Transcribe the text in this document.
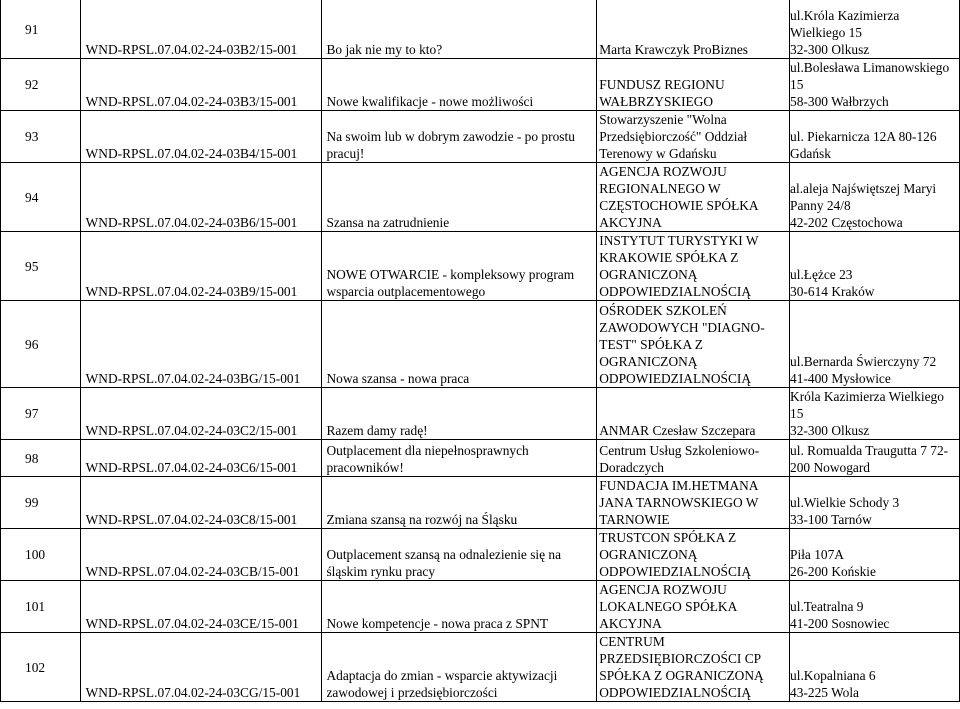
91	WND-RPSL.07.04.02-24-03B2/15-001	Bo jak nie my to kto?	Marta Krawczyk ProBiznes	ul.Króla Kazimierza
Wielkiego 15
32-300 Olkusz

92	WND-RPSL.07.04.02-24-03B3/15-001	Nowe kwalifikacje - nowe możliwości	FUNDUSZ REGIONU
WAŁBRZYSKIEGO	ul.Bolesława Limanowskiego
15
58-300 Wałbrzych

93	WND-RPSL.07.04.02-24-03B4/15-001	Na swoim lub w dobrym zawodzie - po prostu
pracuj!	Stowarzyszenie "Wolna
Przedsiębiorczość" Oddział
Terenowy w Gdańsku	ul. Piekarnicza 12A 80-126
Gdańsk

94	WND-RPSL.07.04.02-24-03B6/15-001	Szansa na zatrudnienie	AGENCJA ROZWOJU
REGIONALNEGO W
CZĘSTOCHOWIE SPÓŁKA
AKCYJNA	al.aleja Najświętszej Maryi
Panny 24/8
42-202 Częstochowa

95	WND-RPSL.07.04.02-24-03B9/15-001	NOWE OTWARCIE - kompleksowy program
wsparcia outplacementowego	INSTYTUT TURYSTYKI W
KRAKOWIE SPÓŁKA Z
OGRANICZONĄ
ODPOWIEDZIALNOŚCIĄ	ul.Łężce 23
30-614 Kraków

96	WND-RPSL.07.04.02-24-03BG/15-001	Nowa szansa - nowa praca	OŚRODEK SZKOLEŃ
ZAWODOWYCH "DIAGNO-
TEST" SPÓŁKA Z
OGRANICZONĄ
ODPOWIEDZIALNOŚCIĄ	ul.Bernarda Świerczyny 72
41-400 Mysłowice

97	WND-RPSL.07.04.02-24-03C2/15-001	Razem damy radę!	ANMAR Czesław Szczepara	Króla Kazimierza Wielkiego
15
32-300 Olkusz

98	WND-RPSL.07.04.02-24-03C6/15-001	Outplacement dla niepełnosprawnych
pracowników!	Centrum Usług Szkoleniowo-
Doradczych	ul. Romualda Traugutta 7 72-
200 Nowogard

99	WND-RPSL.07.04.02-24-03C8/15-001	Zmiana szansą na rozwój na Śląsku	FUNDACJA IM.HETMANA
JANA TARNOWSKIEGO W
TARNOWIE	ul.Wielkie Schody 3
33-100 Tarnów

100	WND-RPSL.07.04.02-24-03CB/15-001	Outplacement szansą na odnalezienie się na
śląskim rynku pracy	TRUSTCON SPÓŁKA Z
OGRANICZONĄ
ODPOWIEDZIALNOŚCIĄ	Piła 107A
26-200 Końskie

101	WND-RPSL.07.04.02-24-03CE/15-001	Nowe kompetencje - nowa praca z SPNT	AGENCJA ROZWOJU
LOKALNEGO SPÓŁKA
AKCYJNA	ul.Teatralna 9
41-200 Sosnowiec

102	WND-RPSL.07.04.02-24-03CG/15-001	Adaptacja do zmian - wsparcie aktywizacji
zawodowej i przedsiębiorczości	CENTRUM
PRZEDSIĘBIORCZOŚCI CP
SPÓŁKA Z OGRANICZONĄ
ODPOWIEDZIALNOŚCIĄ	ul.Kopalniana 6
43-225 Wola
